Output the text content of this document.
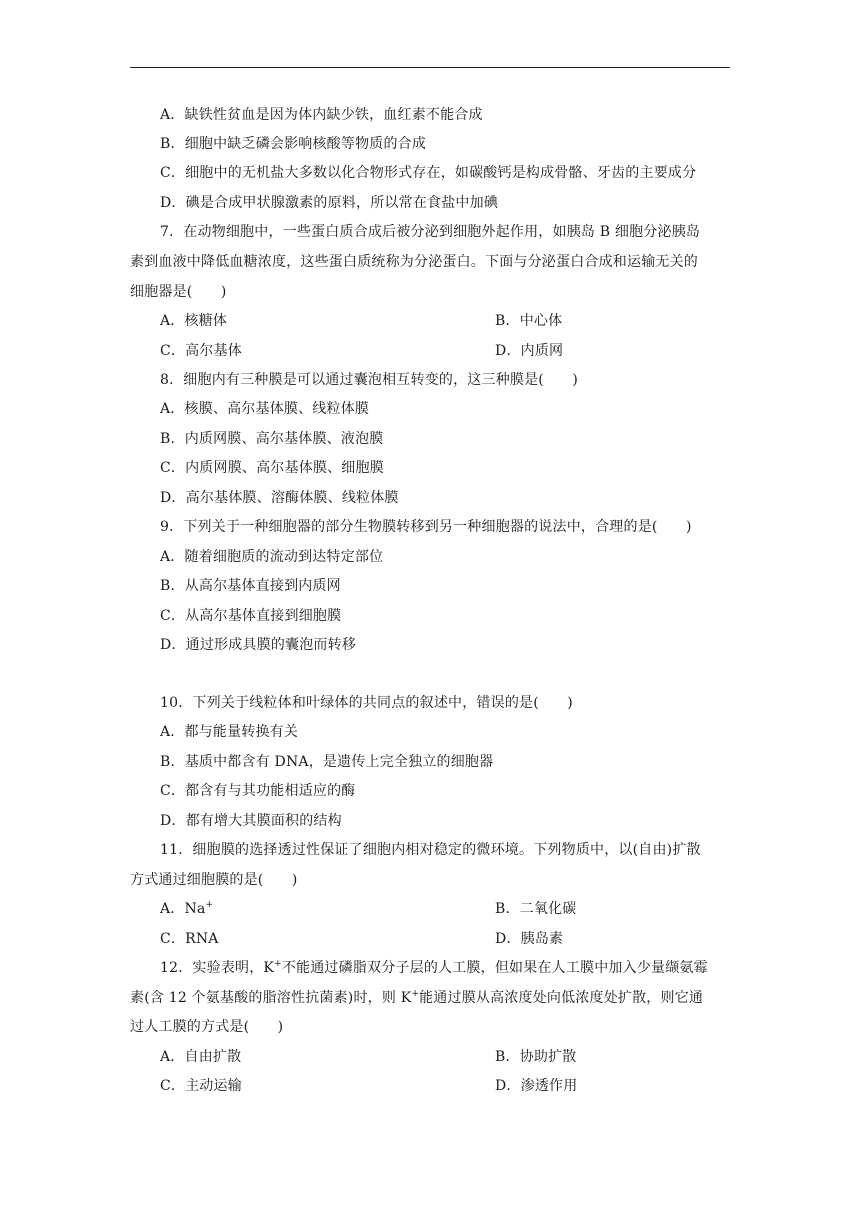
A．缺铁性贫血是因为体内缺少铁，血红素不能合成
B．细胞中缺乏磷会影响核酸等物质的合成
C．细胞中的无机盐大多数以化合物形式存在，如碳酸钙是构成骨骼、牙齿的主要成分
D．碘是合成甲状腺激素的原料，所以常在食盐中加碘
7．在动物细胞中，一些蛋白质合成后被分泌到细胞外起作用，如胰岛 B 细胞分泌胰岛
素到血液中降低血糖浓度，这些蛋白质统称为分泌蛋白。下面与分泌蛋白合成和运输无关的
细胞器是(　　)
A．核糖体	B．中心体
C．高尔基体	D．内质网
8．细胞内有三种膜是可以通过囊泡相互转变的，这三种膜是(　　)
A．核膜、高尔基体膜、线粒体膜
B．内质网膜、高尔基体膜、液泡膜
C．内质网膜、高尔基体膜、细胞膜
D．高尔基体膜、溶酶体膜、线粒体膜
9．下列关于一种细胞器的部分生物膜转移到另一种细胞器的说法中，合理的是(　　)
A．随着细胞质的流动到达特定部位
B．从高尔基体直接到内质网
C．从高尔基体直接到细胞膜
D．通过形成具膜的囊泡而转移
10．下列关于线粒体和叶绿体的共同点的叙述中，错误的是(　　)
A．都与能量转换有关
B．基质中都含有 DNA，是遗传上完全独立的细胞器
C．都含有与其功能相适应的酶
D．都有增大其膜面积的结构
11．细胞膜的选择透过性保证了细胞内相对稳定的微环境。下列物质中，以(自由)扩散
方式通过细胞膜的是(　　)
A．Na+	B．二氧化碳
C．RNA	D．胰岛素
12．实验表明，K+不能通过磷脂双分子层的人工膜，但如果在人工膜中加入少量缬氨霉
素(含 12 个氨基酸的脂溶性抗菌素)时，则 K+能通过膜从高浓度处向低浓度处扩散，则它通
过人工膜的方式是(　　)
A．自由扩散	B．协助扩散
C．主动运输	D．渗透作用
